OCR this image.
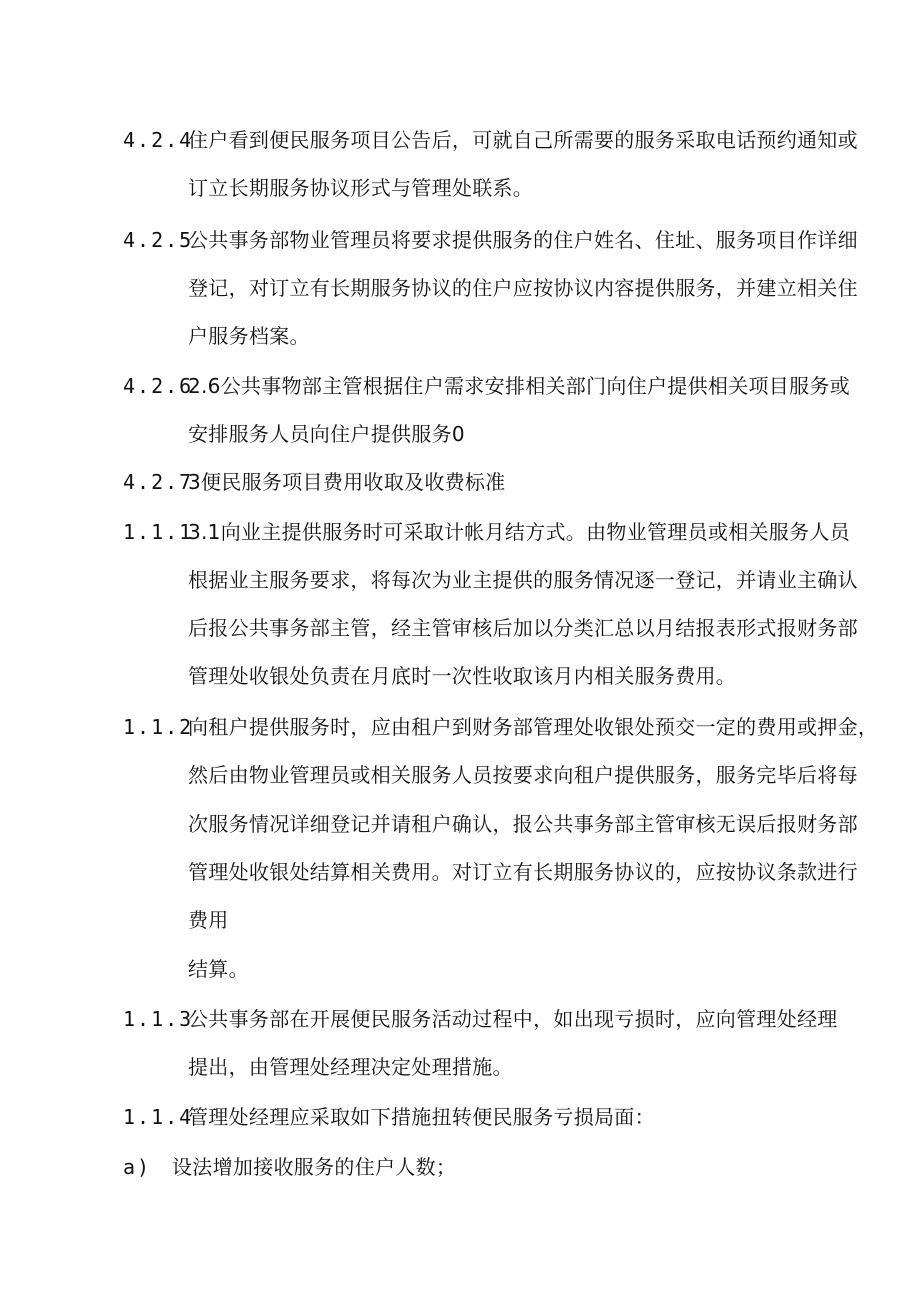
4.2.4
住户看到便民服务项目公告后，可就自己所需要的服务采取电话预约通知或
订立长期服务协议形式与管理处联系。
4.2.5
公共事务部物业管理员将要求提供服务的住户姓名、住址、服务项目作详细
登记，对订立有长期服务协议的住户应按协议内容提供服务，并建立相关住
户服务档案。
4.2.6
2.6公共事物部主管根据住户需求安排相关部门向住户提供相关项目服务或
安排服务人员向住户提供服务0
4.2.7
3便民服务项目费用收取及收费标准
1.1.1
3.1向业主提供服务时可采取计帐月结方式。由物业管理员或相关服务人员
根据业主服务要求，将每次为业主提供的服务情况逐一登记，并请业主确认
后报公共事务部主管，经主管审核后加以分类汇总以月结报表形式报财务部
管理处收银处负责在月底时一次性收取该月内相关服务费用。
1.1.2
向租户提供服务时，应由租户到财务部管理处收银处预交一定的费用或押金，
然后由物业管理员或相关服务人员按要求向租户提供服务，服务完毕后将每
次服务情况详细登记并请租户确认，报公共事务部主管审核无误后报财务部
管理处收银处结算相关费用。对订立有长期服务协议的，应按协议条款进行
费用
结算。
1.1.3
公共事务部在开展便民服务活动过程中，如出现亏损时，应向管理处经理
提出，由管理处经理决定处理措施。
1.1.4
管理处经理应采取如下措施扭转便民服务亏损局面：
a) 设法增加接收服务的住户人数；
